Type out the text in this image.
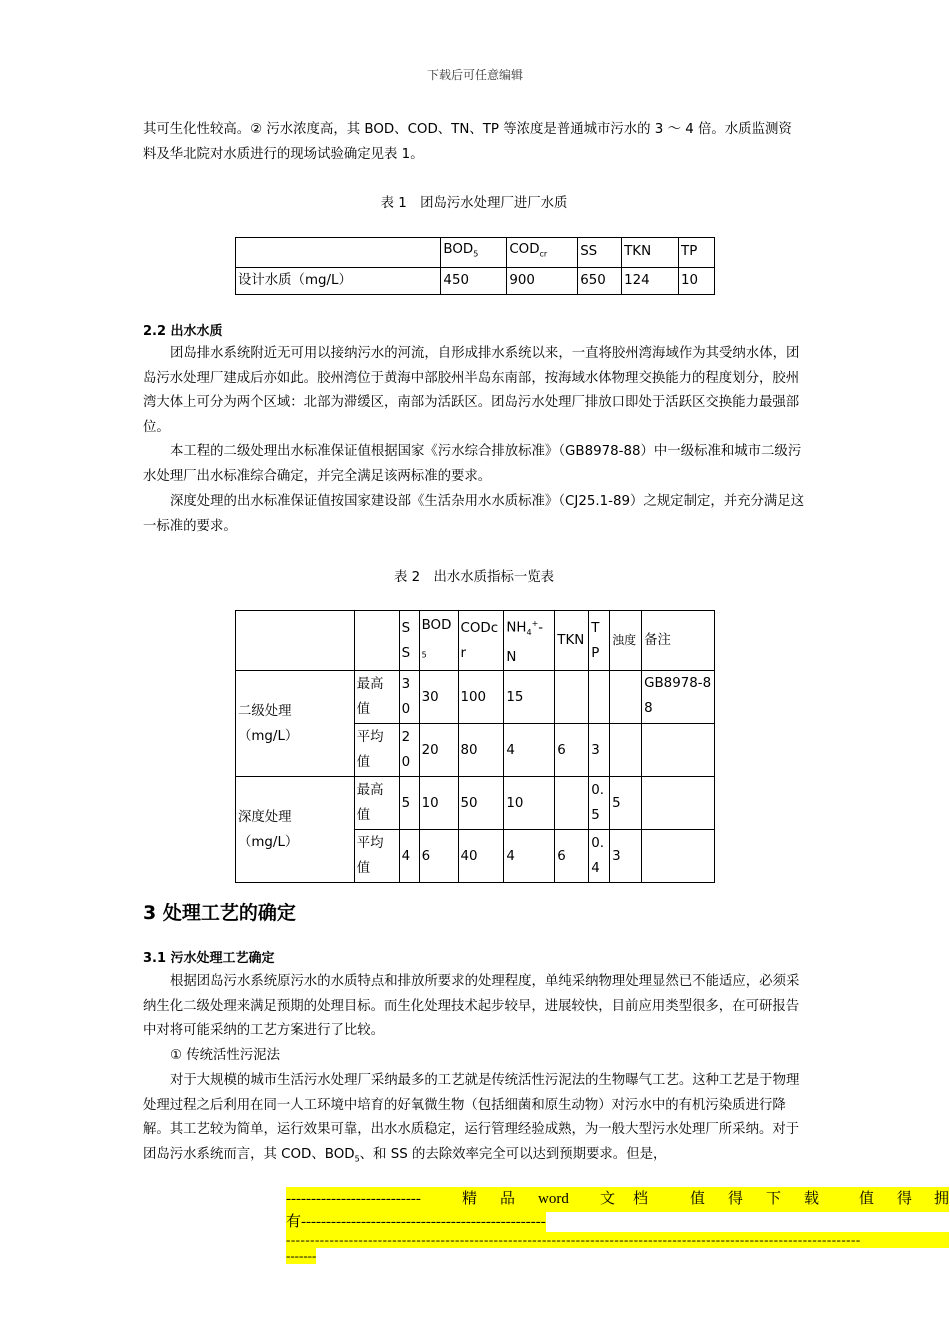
下载后可任意编辑
其可生化性较高。② 污水浓度高，其 BOD、COD、TN、TP 等浓度是普通城市污水的 3 ～ 4 倍。水质监测资料及华北院对水质进行的现场试验确定见表 1。
表 1　团岛污水处理厂进厂水质
	$BOD_5$	$COD_{cr}$	SS	TKN	TP
设计水质（mg/L）	450	900	650	124	10
2.2 出水水质
团岛排水系统附近无可用以接纳污水的河流，自形成排水系统以来，一直将胶州湾海域作为其受纳水体，团岛污水处理厂建成后亦如此。胶州湾位于黄海中部胶州半岛东南部，按海域水体物理交换能力的程度划分，胶州湾大体上可分为两个区域：北部为滞缓区，南部为活跃区。团岛污水处理厂排放口即处于活跃区交换能力最强部位。
本工程的二级处理出水标准保证值根据国家《污水综合排放标准》（GB8978-88）中一级标准和城市二级污水处理厂出水标准综合确定，并完全满足该两标准的要求。
深度处理的出水标准保证值按国家建设部《生活杂用水水质标准》（CJ25.1-89）之规定制定，并充分满足这一标准的要求。
表 2　出水水质指标一览表
		SS	$BOD_5$	CODcr	$NH_4^+-N$	TKN	TP	浊度	备注
二级处理
（mg/L）	最高值	30	30	100	15				GB8978-88
	平均值	20	20	80	4	6	3		
深度处理
（mg/L）	最高值	5	10	50	10		0.5	5	
	平均值	4	6	40	4	6	0.4	3	
3 处理工艺的确定
3.1 污水处理工艺确定
根据团岛污水系统原污水的水质特点和排放所要求的处理程度，单纯采纳物理处理显然已不能适应，必须采纳生化二级处理来满足预期的处理目标。而生化处理技术起步较早，进展较快，目前应用类型很多，在可研报告中对将可能采纳的工艺方案进行了比较。
① 传统活性污泥法
对于大规模的城市生活污水处理厂采纳最多的工艺就是传统活性污泥法的生物曝气工艺。这种工艺是于物理处理过程之后利用在同一人工环境中培育的好氧微生物（包括细菌和原生动物）对污水中的有机污染质进行降解。其工艺较为简单，运行效果可靠，出水水质稳定，运行管理经验成熟，为一般大型污水处理厂所采纳。对于团岛污水系统而言，其 COD、$BOD_5$、和 SS 的去除效率完全可以达到预期要求。但是，
---------------------------	精 品 word 文 档	值 得 下 载	值 得 拥
有-------------------------------------------------
-----------------------------------------------------------------------------------------------------------------------
-------
